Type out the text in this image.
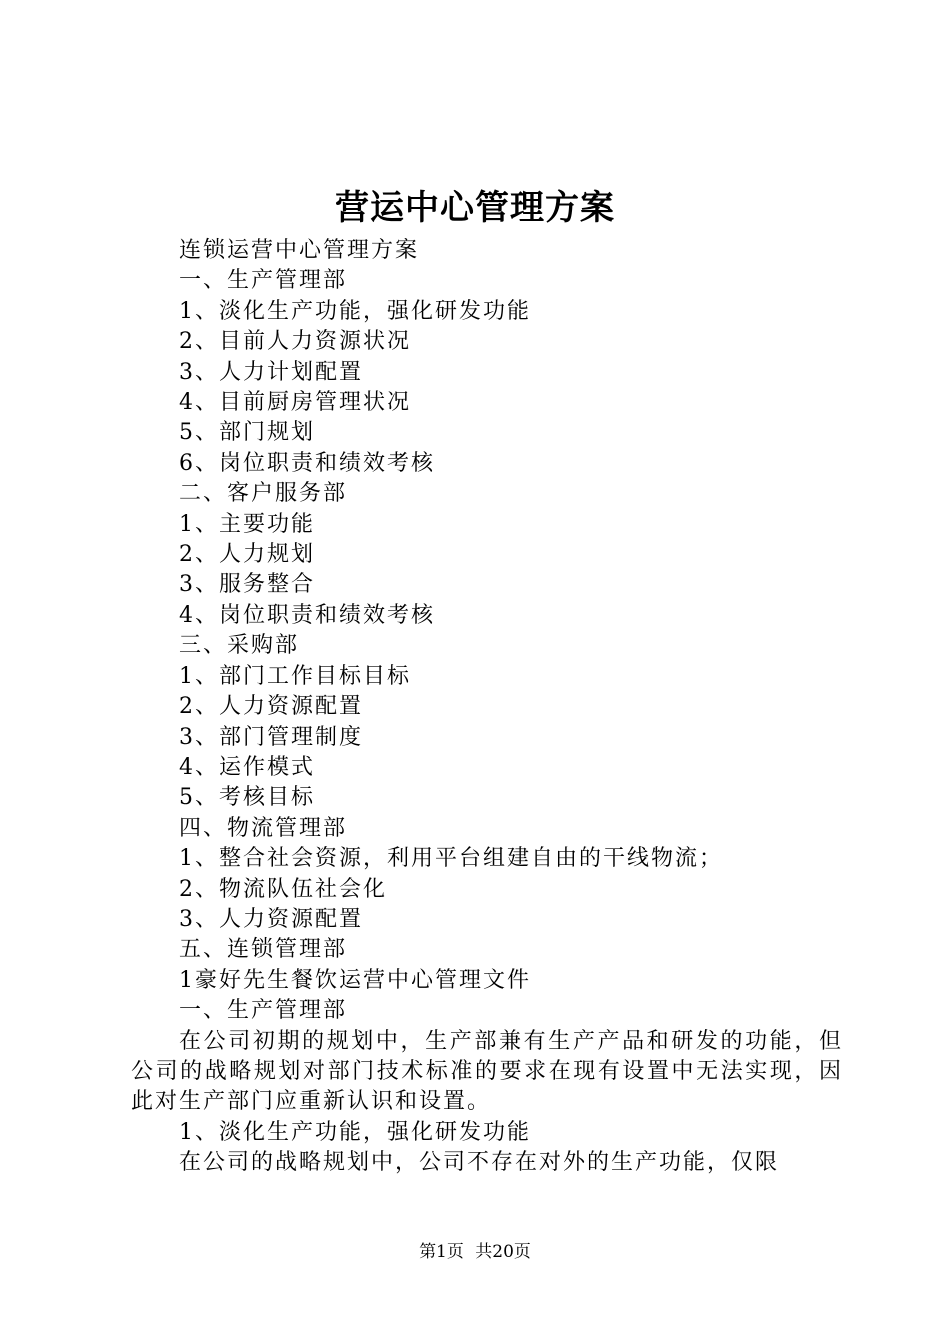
营运中心管理方案
连锁运营中心管理方案
一、生产管理部
1、淡化生产功能，强化研发功能
2、目前人力资源状况
3、人力计划配置
4、目前厨房管理状况
5、部门规划
6、岗位职责和绩效考核
二、客户服务部
1、主要功能
2、人力规划
3、服务整合
4、岗位职责和绩效考核
三、采购部
1、部门工作目标目标
2、人力资源配置
3、部门管理制度
4、运作模式
5、考核目标
四、物流管理部
1、整合社会资源，利用平台组建自由的干线物流；
2、物流队伍社会化
3、人力资源配置
五、连锁管理部
1豪好先生餐饮运营中心管理文件
一、生产管理部
在公司初期的规划中，生产部兼有生产产品和研发的功能，但公司的战略规划对部门技术标准的要求在现有设置中无法实现，因此对生产部门应重新认识和设置。
1、淡化生产功能，强化研发功能
在公司的战略规划中，公司不存在对外的生产功能，仅限
第1页 共20页
